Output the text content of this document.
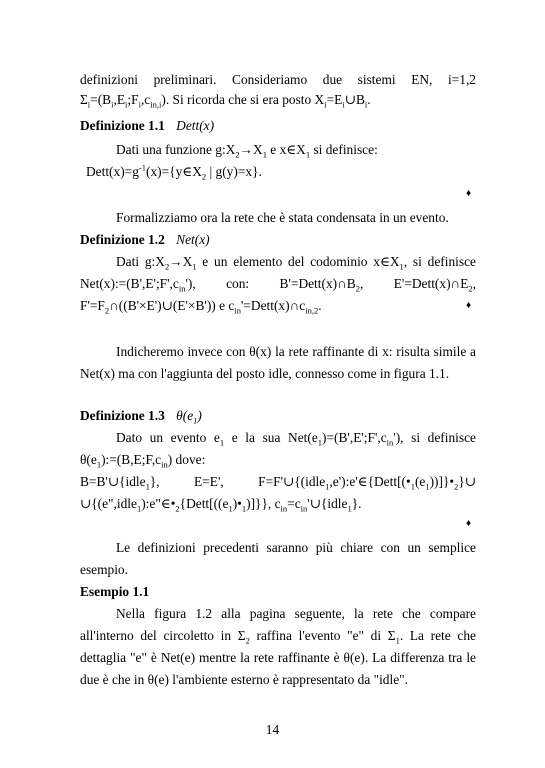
definizioni preliminari. Consideriamo due sistemi EN, i=1,2
$\Sigma_i=(B_i,E_i;F_i,c_{in,i})$. Si ricorda che si era posto $X_i=E_i\cup B_i$.
Definizione 1.1 Dett(x)
Dati una funzione $g:X_2\to X_1$ e $x\in X_1$ si definisce:
$Dett(x)=g^{-1}(x)=\{y\in X_2$ | g(y)=x}.
♦
Formalizziamo ora la rete che è stata condensata in un evento.
Definizione 1.2 Net(x)
Dati $g:X_2\to X_1$ e un elemento del codominio $x\in X_1$, si definisce
$Net(x):=(B',E';F',c_{in}')$, con: $B'=Dett(x)\cap B_2$, $E'=Dett(x)\cap E_2$,
$F'=F_2\cap((B'\times E')\cup(E'\times B'))$ e $c_{in}'=Dett(x)\cap c_{in,2}$.	♦
Indicheremo invece con θ(x) la rete raffinante di x: risulta simile a
Net(x) ma con l'aggiunta del posto idle, connesso come in figura 1.1.
Definizione 1.3 $\theta(e_1)$
Dato un evento $e_1$ e la sua $Net(e_1)=(B',E';F',c_{in}')$, si definisce
$\theta(e_1):=(B,E;F,c_{in})$ dove:
B=B'∪{idle$_1$}, E=E', $F=F'\cup\{(idle_1,e'):e'\in\{Dett[(•_1(e_1))]\}•_2\}\cup$
$\cup\{(e",idle_1):e"\in•_2\{Dett[((e_1)•_1)]\}\}$, $c_{in}=c_{in}'\cup\{idle_1\}$.
♦
Le definizioni precedenti saranno più chiare con un semplice
esempio.
Esempio 1.1
Nella figura 1.2 alla pagina seguente, la rete che compare
all'interno del circoletto in $\Sigma_2$ raffina l'evento "e" di $\Sigma_1$. La rete che
dettaglia "e" è Net(e) mentre la rete raffinante è θ(e). La differenza tra le
due è che in θ(e) l'ambiente esterno è rappresentato da "idle".
14
